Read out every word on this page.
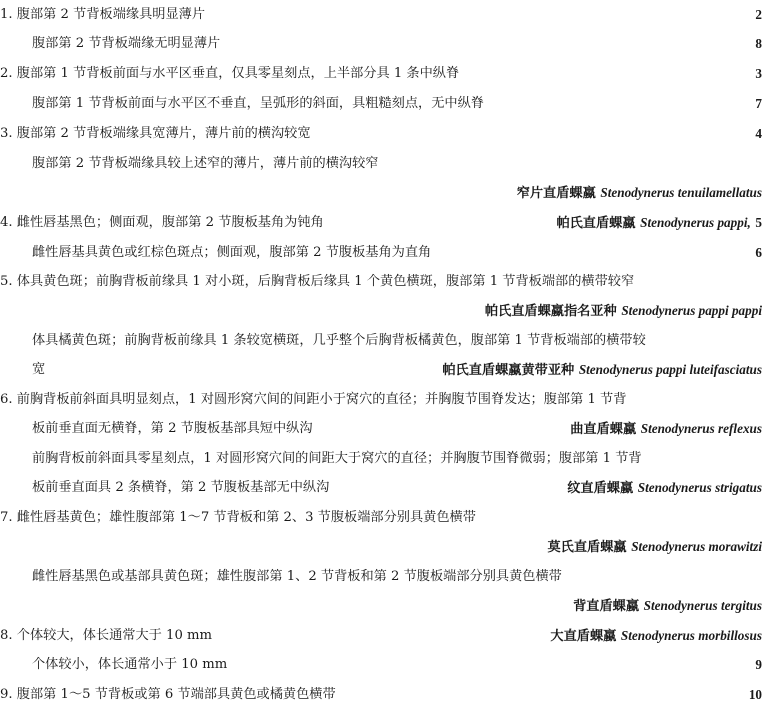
1. 腹部第 2 节背板端缘具明显薄片	2
腹部第 2 节背板端缘无明显薄片	8
2. 腹部第 1 节背板前面与水平区垂直，仅具零星刻点，上半部分具 1 条中纵脊	3
腹部第 1 节背板前面与水平区不垂直，呈弧形的斜面，具粗糙刻点，无中纵脊	7
3. 腹部第 2 节背板端缘具宽薄片，薄片前的横沟较宽	4
腹部第 2 节背板端缘具较上述窄的薄片，薄片前的横沟较窄
窄片直盾蜾蠃 Stenodynerus tenuilamellatus
4. 雌性唇基黑色；侧面观，腹部第 2 节腹板基角为钝角	帕氏直盾蜾蠃 Stenodynerus pappi, 5
雌性唇基具黄色或红棕色斑点；侧面观，腹部第 2 节腹板基角为直角	6
5. 体具黄色斑；前胸背板前缘具 1 对小斑，后胸背板后缘具 1 个黄色横斑，腹部第 1 节背板端部的横带较窄
帕氏直盾蜾蠃指名亚种 Stenodynerus pappi pappi
体具橘黄色斑；前胸背板前缘具 1 条较宽横斑，几乎整个后胸背板橘黄色，腹部第 1 节背板端部的横带较
宽	帕氏直盾蜾蠃黄带亚种 Stenodynerus pappi luteifasciatus
6. 前胸背板前斜面具明显刻点，1 对圆形窝穴间的间距小于窝穴的直径；并胸腹节围脊发达；腹部第 1 节背
板前垂直面无横脊，第 2 节腹板基部具短中纵沟	曲直盾蜾蠃 Stenodynerus reflexus
前胸背板前斜面具零星刻点，1 对圆形窝穴间的间距大于窝穴的直径；并胸腹节围脊微弱；腹部第 1 节背
板前垂直面具 2 条横脊，第 2 节腹板基部无中纵沟	纹直盾蜾蠃 Stenodynerus strigatus
7. 雌性唇基黄色；雄性腹部第 1～7 节背板和第 2、3 节腹板端部分别具黄色横带
莫氏直盾蜾蠃 Stenodynerus morawitzi
雌性唇基黑色或基部具黄色斑；雄性腹部第 1、2 节背板和第 2 节腹板端部分别具黄色横带
背直盾蜾蠃 Stenodynerus tergitus
8. 个体较大，体长通常大于 10 mm	大直盾蜾蠃 Stenodynerus morbillosus
个体较小，体长通常小于 10 mm	9
9. 腹部第 1～5 节背板或第 6 节端部具黄色或橘黄色横带	10
